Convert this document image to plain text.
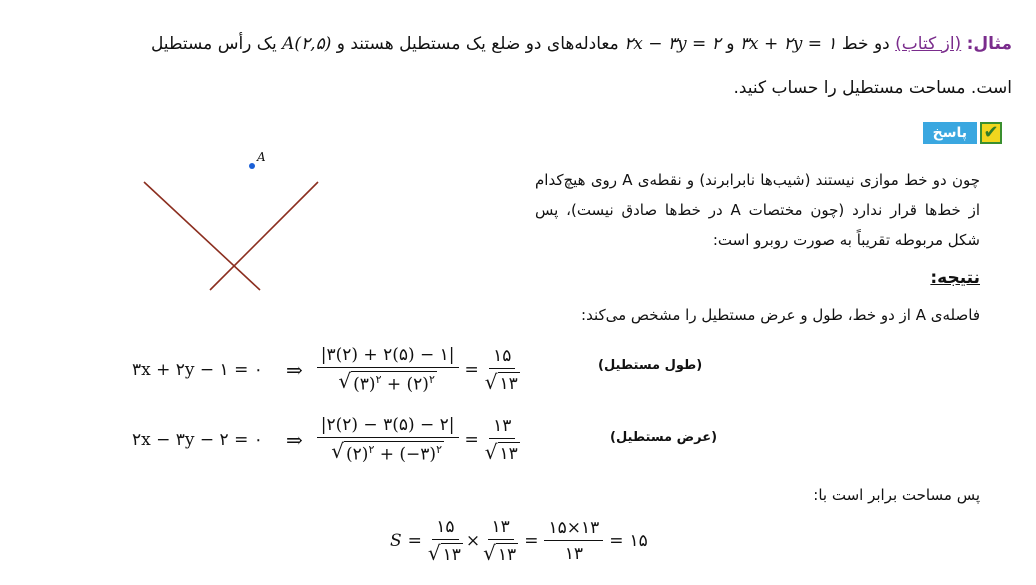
مثال: (از کتاب) دو خط ۳x + ۲y = ۱ و ۲x − ۳y = ۲ معادله‌های دو ضلع یک مستطیل هستند و A(۲,۵) یک رأس مستطیل
است. مساحت مستطیل را حساب کنید.
✔
پاسخ
A
چون دو خط موازی نیستند (شیب‌ها نابرابرند) و نقطه‌ی A روی هیچ‌کدام از خط‌ها قرار ندارد (چون مختصات A در خط‌ها صادق نیست)، پس شکل مربوطه تقریباً به صورت روبرو است:
نتیجه:
فاصله‌ی A از دو خط، طول و عرض مستطیل را مشخص می‌کند:
۳x + ۲y − ۱ = ۰	⇒ $\frac{|۳(۲) + ۲(۵) - ۱|}{√ (۳)^۲ + (۲)^۲} = \frac{۱۵}{√ ۱۳}$	(طول مستطیل)
۲x − ۳y − ۲ = ۰	⇒ $\frac{|۲(۲) - ۳(۵) - ۲|}{√ (۲)^۲ + (-۳)^۲} = \frac{۱۳}{√ ۱۳}$	(عرض مستطیل)
پس مساحت برابر است با:
$S = \frac{۱۵}{√ ۱۳} \times \frac{۱۳}{√ ۱۳} = \frac{۱۵\times ۱۳}{۱۳}$ = ۱۵
